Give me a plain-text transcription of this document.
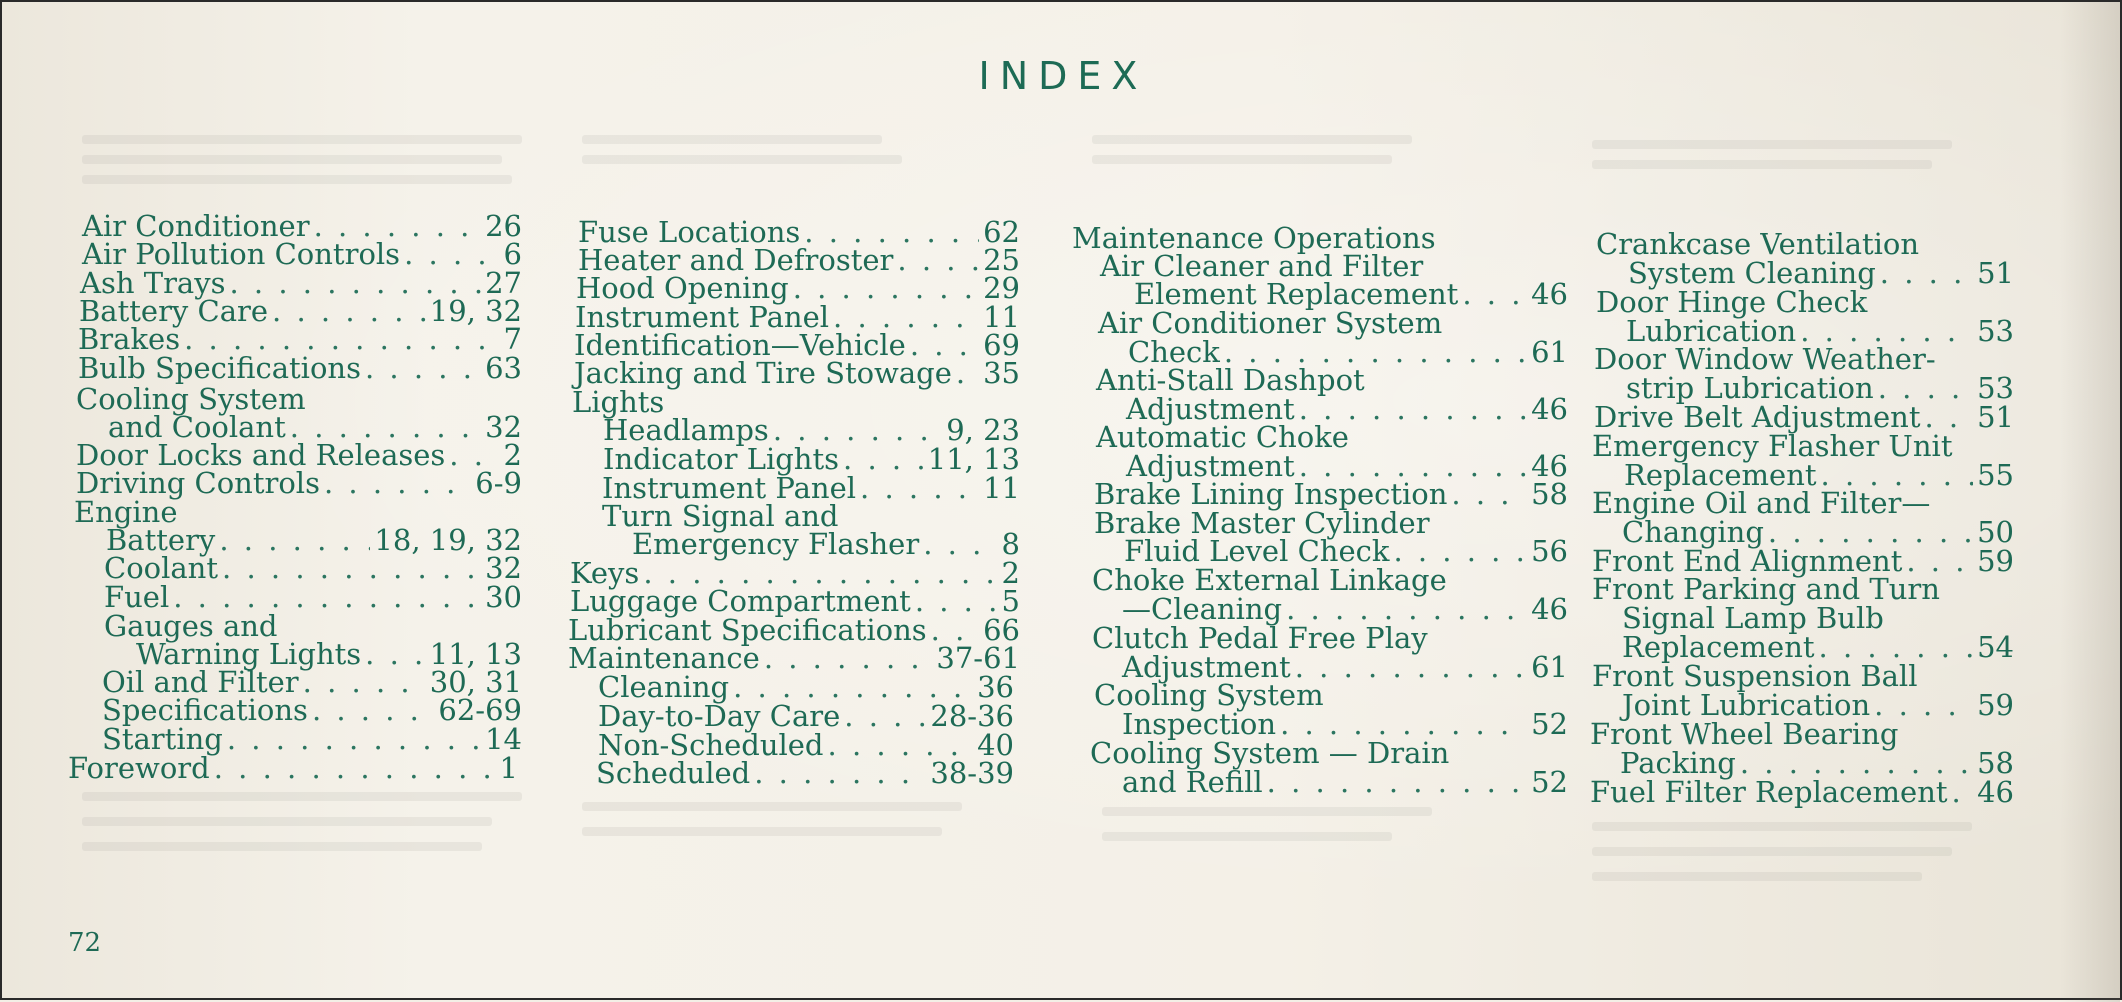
INDEX
Air Conditioner . . .	26
Air Pollution Controls . . .	6
Ash Trays . . .	27
Battery Care . . .	19, 32
Brakes . . .	7
Bulb Specifications . . .	63
Cooling System
and Coolant . . .	32
Door Locks and Releases . . . 2
Driving Controls . . .	6-9
Engine
Battery . . .	18, 19, 32
Coolant . . .	32
Fuel . . .	30
Gauges and
Warning Lights . . . 11, 13
Oil and Filter . . .	30, 31
Specifications . . .	62-69
Starting . . .	14
Foreword . . .	1
Fuse Locations . . .	62
Heater and Defroster . . .	25
Hood Opening . . .	29
Instrument Panel . . .	11
Identification—Vehicle . . .	69
Jacking and Tire Stowage . . . 35
Lights
Headlamps . . .	9, 23
Indicator Lights . . .	11, 13
Instrument Panel . . .	11
Turn Signal and
Emergency Flasher . . .	8
Keys . . .	2
Luggage Compartment . . .	5
Lubricant Specifications . . . 66
Maintenance . . .	37-61
Cleaning . . .	36
Day-to-Day Care . . .	28-36
Non-Scheduled . . .	40
Scheduled . . .	38-39
Maintenance Operations
Air Cleaner and Filter
Element Replacement . . .	46
Air Conditioner System
Check . . .	61
Anti-Stall Dashpot
Adjustment . . .	46
Automatic Choke
Adjustment . . .	46
Brake Lining Inspection . . .	58
Brake Master Cylinder
Fluid Level Check . . .	56
Choke External Linkage
—Cleaning . . .	46
Clutch Pedal Free Play
Adjustment . . .	61
Cooling System
Inspection . . .	52
Cooling System — Drain
and Refill . . .	52
Crankcase Ventilation
System Cleaning . . .	51
Door Hinge Check
Lubrication . . .	53
Door Window Weather-
strip Lubrication . . .	53
Drive Belt Adjustment . . . 51
Emergency Flasher Unit
Replacement . . .	55
Engine Oil and Filter—
Changing . . .	50
Front End Alignment . . .	59
Front Parking and Turn
Signal Lamp Bulb
Replacement . . .	54
Front Suspension Ball
Joint Lubrication . . .	59
Front Wheel Bearing
Packing . . .	58
Fuel Filter Replacement . . . 46
72
